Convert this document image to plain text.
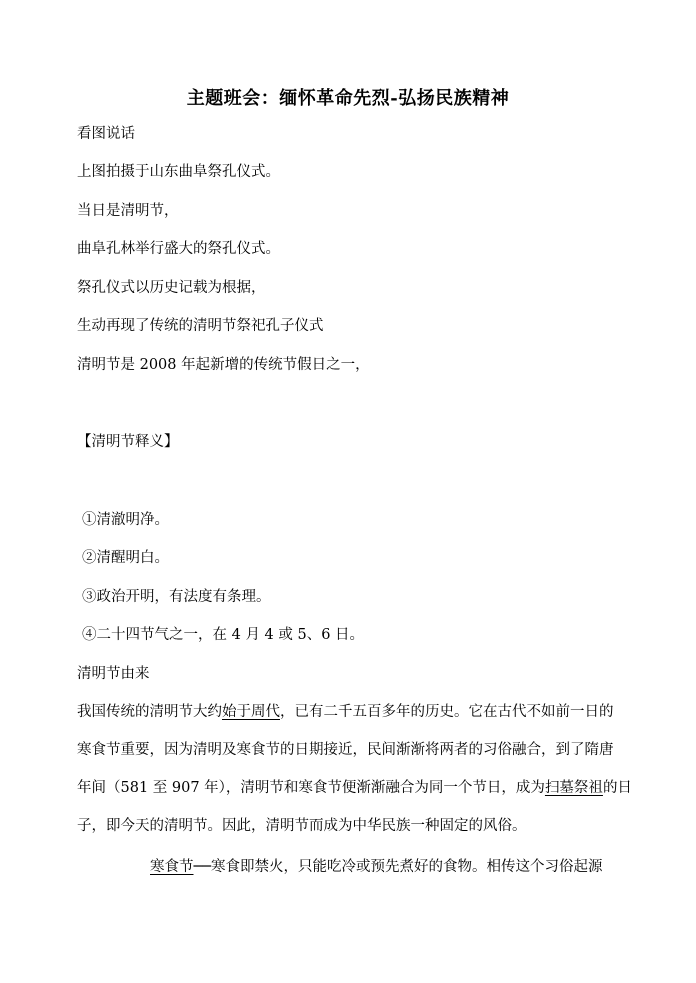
主题班会：缅怀革命先烈-弘扬民族精神
看图说话
上图拍摄于山东曲阜祭孔仪式。
当日是清明节，
曲阜孔林举行盛大的祭孔仪式。
祭孔仪式以历史记载为根据，
生动再现了传统的清明节祭祀孔子仪式
清明节是 2008 年起新增的传统节假日之一，
【清明节释义】
①清澈明净。
②清醒明白。
③政治开明，有法度有条理。
④二十四节气之一，在 4 月 4 或 5、6 日。
清明节由来
我国传统的清明节大约始于周代，已有二千五百多年的历史。它在古代不如前一日的
寒食节重要，因为清明及寒食节的日期接近，民间渐渐将两者的习俗融合，到了隋唐
年间（581 至 907 年），清明节和寒食节便渐渐融合为同一个节日，成为扫墓祭祖的日
子，即今天的清明节。因此，清明节而成为中华民族一种固定的风俗。
寒食节──寒食即禁火，只能吃冷或预先煮好的食物。相传这个习俗起源
